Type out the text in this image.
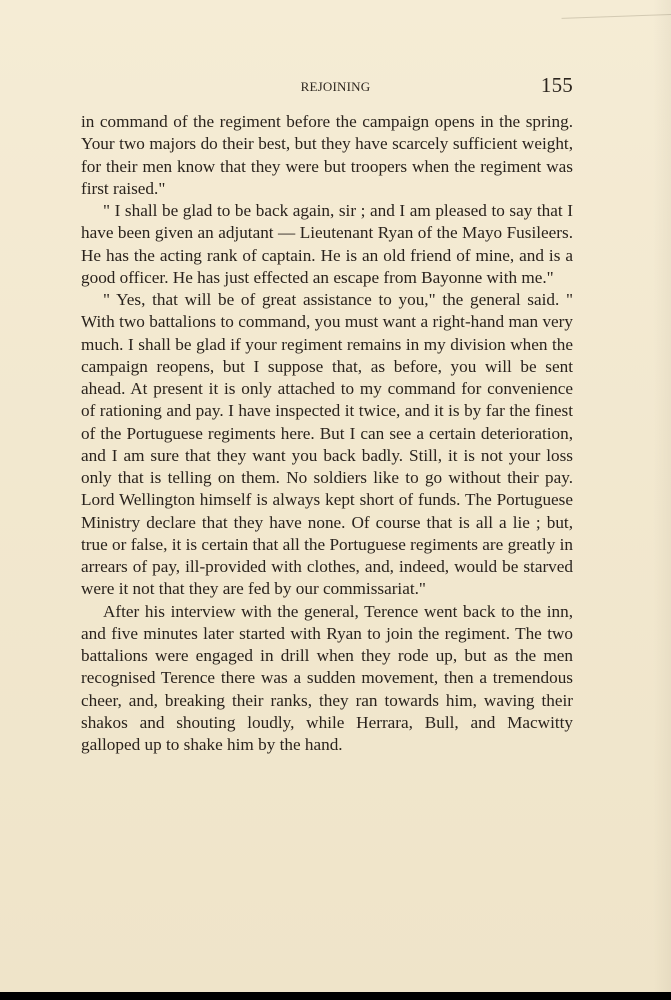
REJOINING	155

in command of the regiment before the campaign opens in the spring. Your two majors do their best, but they have scarcely sufficient weight, for their men know that they were but troopers when the regiment was first raised."

" I shall be glad to be back again, sir ; and I am pleased to say that I have been given an adjutant — Lieutenant Ryan of the Mayo Fusileers. He has the acting rank of captain. He is an old friend of mine, and is a good officer. He has just effected an escape from Bayonne with me."

" Yes, that will be of great assistance to you," the general said. " With two battalions to command, you must want a right-hand man very much. I shall be glad if your regiment remains in my division when the campaign reopens, but I suppose that, as before, you will be sent ahead. At present it is only attached to my command for convenience of rationing and pay. I have inspected it twice, and it is by far the finest of the Portuguese regiments here. But I can see a certain deterioration, and I am sure that they want you back badly. Still, it is not your loss only that is telling on them. No soldiers like to go without their pay. Lord Wellington himself is always kept short of funds. The Portuguese Ministry declare that they have none. Of course that is all a lie ; but, true or false, it is certain that all the Portuguese regiments are greatly in arrears of pay, ill-provided with clothes, and, indeed, would be starved were it not that they are fed by our commissariat."

After his interview with the general, Terence went back to the inn, and five minutes later started with Ryan to join the regiment. The two battalions were engaged in drill when they rode up, but as the men recognised Terence there was a sudden movement, then a tremendous cheer, and, breaking their ranks, they ran towards him, waving their shakos and shouting loudly, while Herrara, Bull, and Macwitty galloped up to shake him by the hand.
